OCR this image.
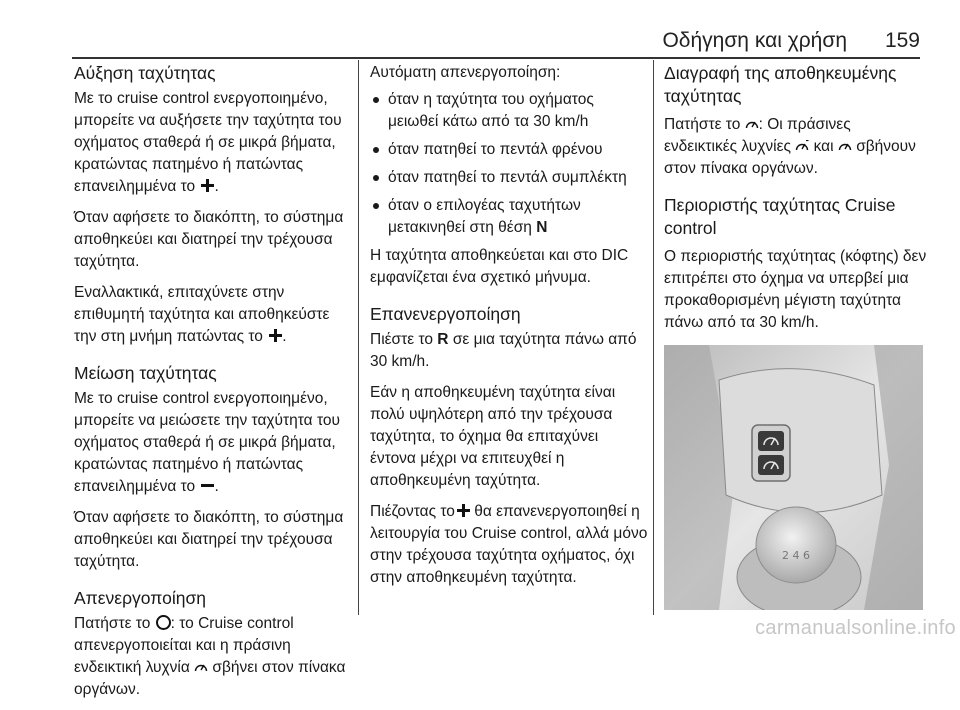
Οδήγηση και χρήση 159
Αύξηση ταχύτητας

Με το cruise control ενεργοποιημένο, μπορείτε να αυξήσετε την ταχύτητα του οχήματος σταθερά ή σε μικρά βήματα, κρατώντας πατημένο ή πατώντας επανειλημμένα το .

Όταν αφήσετε το διακόπτη, το σύστημα αποθηκεύει και διατηρεί την τρέχουσα ταχύτητα.

Εναλλακτικά, επιταχύνετε στην επιθυμητή ταχύτητα και αποθηκεύστε την στη μνήμη πατώντας το .

Μείωση ταχύτητας

Με το cruise control ενεργοποιημένο, μπορείτε να μειώσετε την ταχύτητα του οχήματος σταθερά ή σε μικρά βήματα, κρατώντας πατημένο ή πατώντας επανειλημμένα το .

Όταν αφήσετε το διακόπτη, το σύστημα αποθηκεύει και διατηρεί την τρέχουσα ταχύτητα.

Απενεργοποίηση

Πατήστε το : το Cruise control απενεργοποιείται και η πράσινη ενδεικτική λυχνία σβήνει στον πίνακα οργάνων.

Αυτόματη απενεργοποίηση:

όταν η ταχύτητα του οχήματος μειωθεί κάτω από τα 30 km/h
όταν πατηθεί το πεντάλ φρένου
όταν πατηθεί το πεντάλ συμπλέκτη
όταν ο επιλογέας ταχυτήτων μετακινηθεί στη θέση N

Η ταχύτητα αποθηκεύεται και στο DIC εμφανίζεται ένα σχετικό μήνυμα.

Επανενεργοποίηση

Πιέστε το R σε μια ταχύτητα πάνω από 30 km/h.

Εάν η αποθηκευμένη ταχύτητα είναι πολύ υψηλότερη από την τρέχουσα ταχύτητα, το όχημα θα επιταχύνει έντονα μέχρι να επιτευχθεί η αποθηκευμένη ταχύτητα.

Πιέζοντας το θα επανενεργοποιηθεί η λειτουργία του Cruise control, αλλά μόνο στην τρέχουσα ταχύτητα οχήματος, όχι στην αποθηκευμένη ταχύτητα.

Διαγραφή της αποθηκευμένης ταχύτητας

Πατήστε το : Οι πράσινες ενδεικτικές λυχνίες και σβήνουν στον πίνακα οργάνων.

Περιοριστής ταχύτητας Cruise control

Ο περιοριστής ταχύτητας (κόφτης) δεν επιτρέπει στο όχημα να υπερβεί μια προκαθορισμένη μέγιστη ταχύτητα πάνω από τα 30 km/h.

2 4 6
carmanualsonline.info
